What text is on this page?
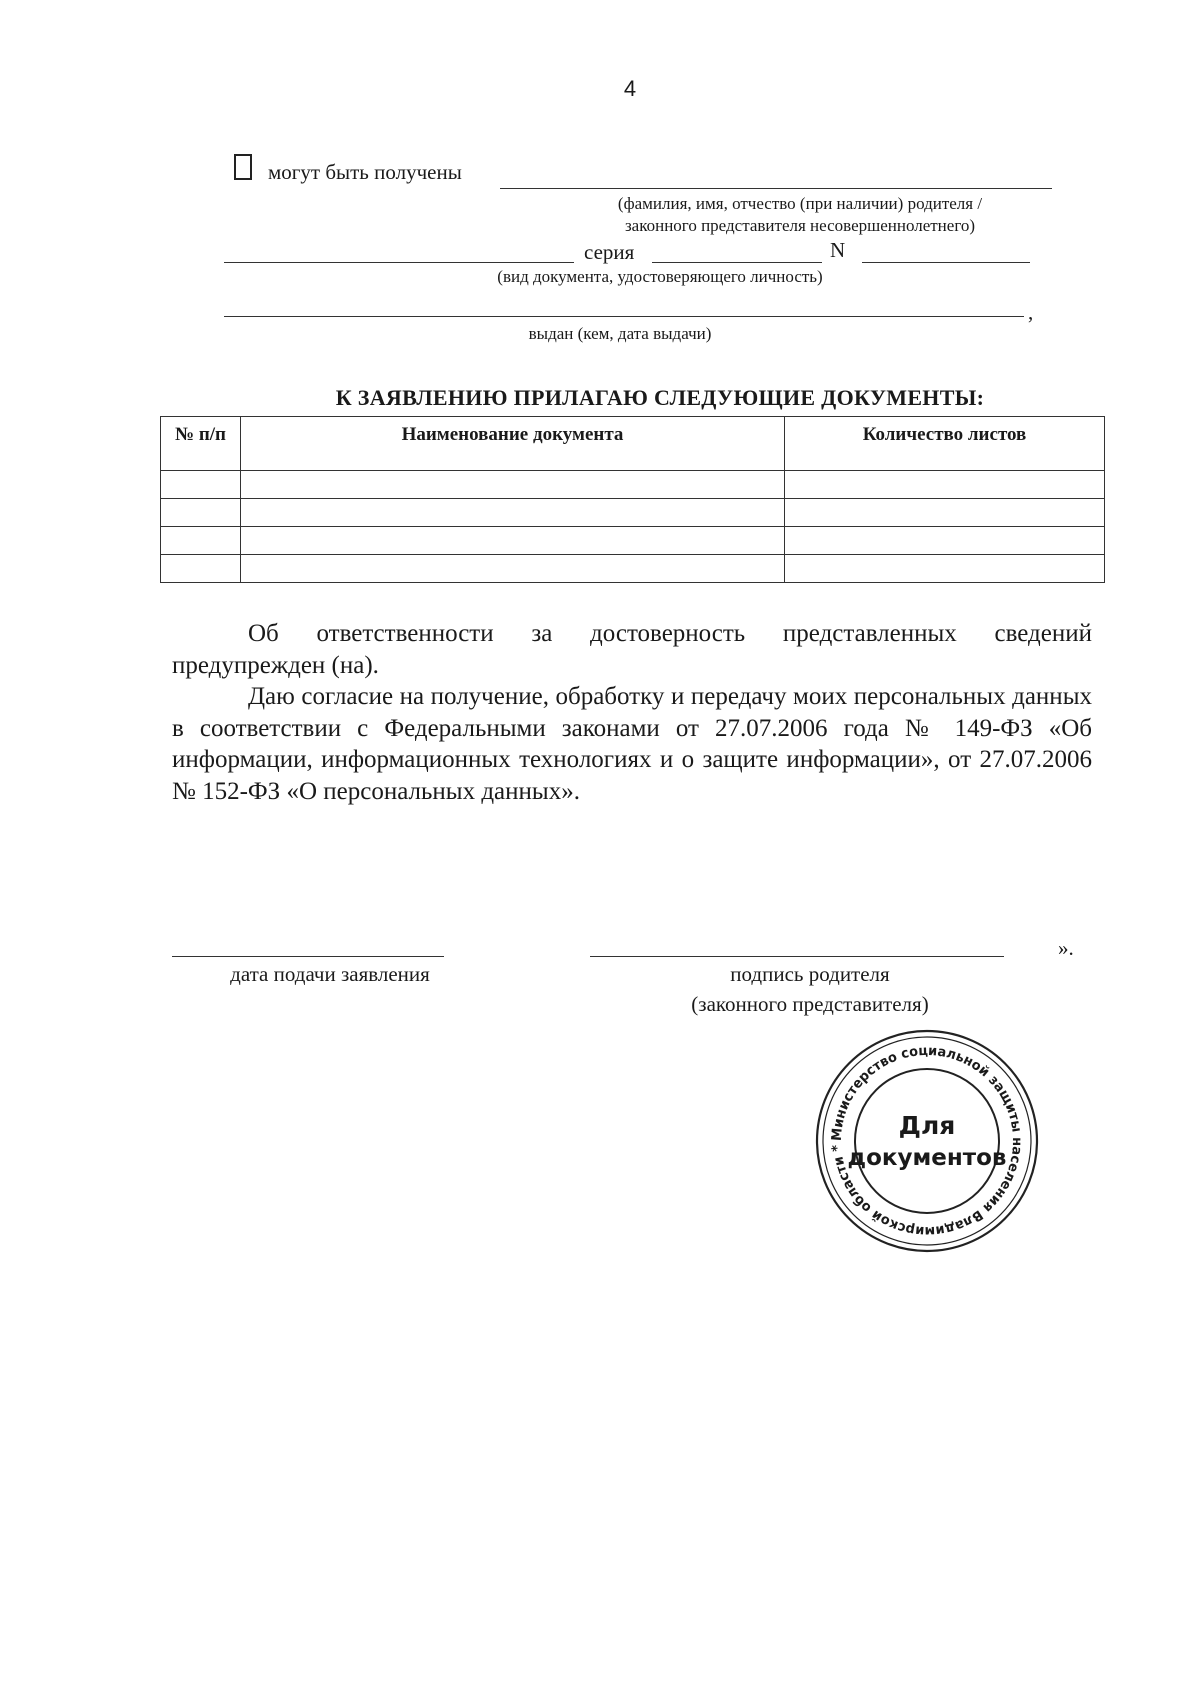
4
могут быть получены
(фамилия, имя, отчество (при наличии) родителя /
законного представителя несовершеннолетнего)
серия	N
(вид документа, удостоверяющего личность)
,
выдан (кем, дата выдачи)
К ЗАЯВЛЕНИЮ ПРИЛАГАЮ СЛЕДУЮЩИЕ ДОКУМЕНТЫ:
№ п/п	Наименование документа	Количество листов

Об ответственности за достоверность представленных сведений предупрежден (на).
Даю согласие на получение, обработку и передачу моих персональных данных в соответствии с Федеральными законами от 27.07.2006 года № 149-ФЗ «Об информации, информационных технологиях и о защите информации», от 27.07.2006 № 152-ФЗ «О персональных данных».
дата подачи заявления
».
подпись родителя
(законного представителя)
Министерство социальной защиты населения Владимирской области *
Для
документов
